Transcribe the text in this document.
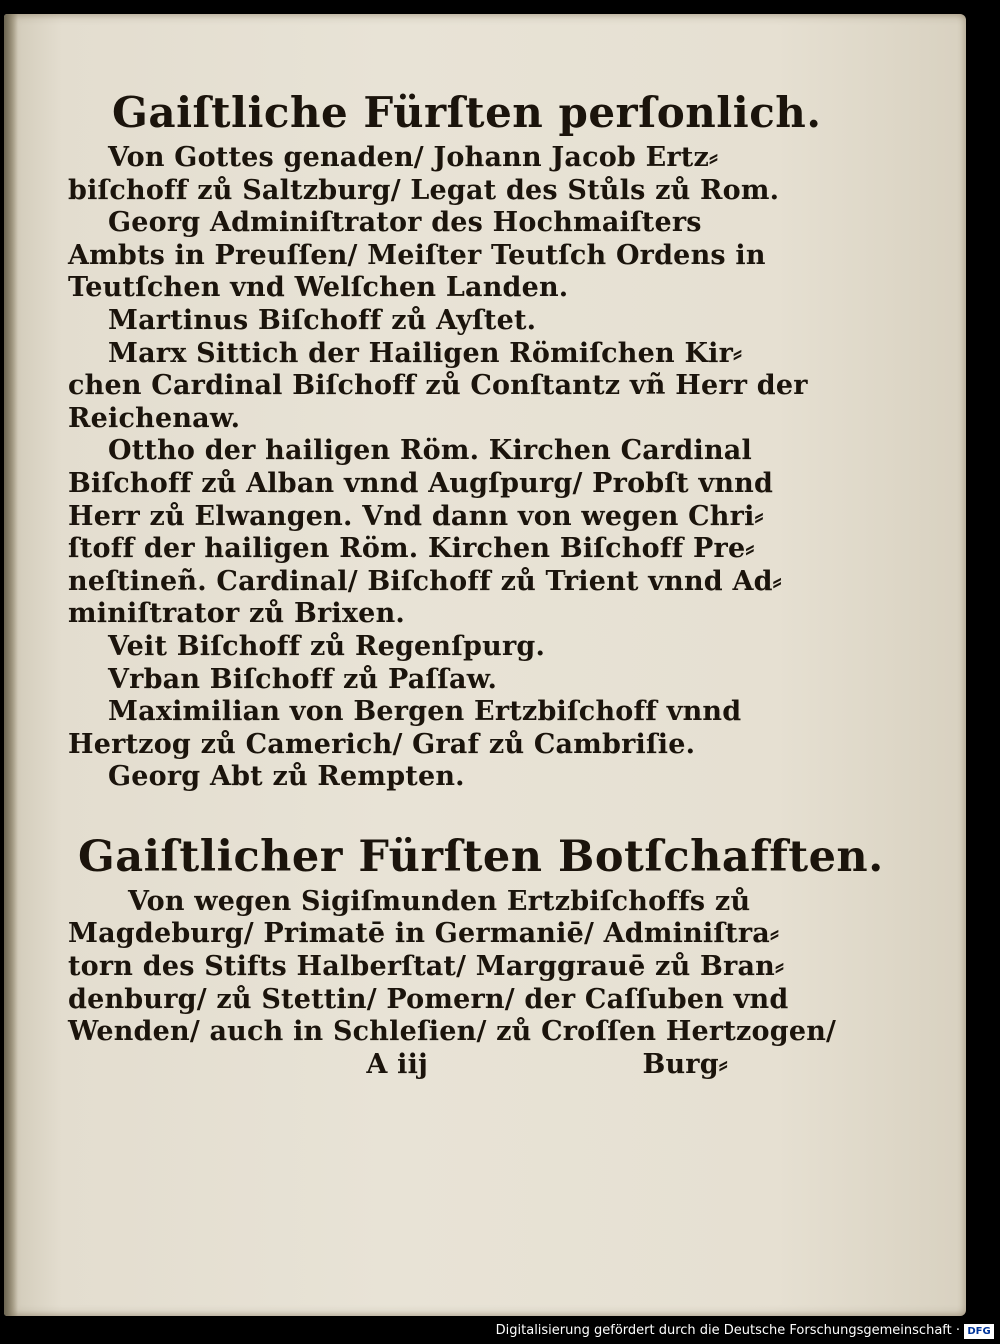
Gaiſtliche Fürſten perſonlich.
Von Gottes genaden/ Johann Jacob Ertz⸗
biſchoff zů Saltzburg/ Legat des Stůls zů Rom.
Georg Adminiſtrator des Hochmaiſters
Ambts in Preuſſen/ Meiſter Teutſch Ordens in
Teutſchen vnd Welſchen Landen.
Martinus Biſchoff zů Ayſtet.
Marx Sittich der Hailigen Römiſchen Kir⸗
chen Cardinal Biſchoff zů Conſtantz vñ Herr der
Reichenaw.
Ottho der hailigen Röm. Kirchen Cardinal
Biſchoff zů Alban vnnd Augſpurg/ Probſt vnnd
Herr zů Elwangen. Vnd dann von wegen Chri⸗
ſtoff der hailigen Röm. Kirchen Biſchoff Pre⸗
neſtineñ. Cardinal/ Biſchoff zů Trient vnnd Ad⸗
miniſtrator zů Brixen.
Veit Biſchoff zů Regenſpurg.
Vrban Biſchoff zů Paſſaw.
Maximilian von Bergen Ertzbiſchoff vnnd
Hertzog zů Camerich/ Graf zů Cambriſie.
Georg Abt zů Rempten.
Gaiſtlicher Fürſten Botſchafften.
Von wegen Sigiſmunden Ertzbiſchoffs zů
Magdeburg/ Primatē in Germaniē/ Adminiſtra⸗
torn des Stifts Halberſtat/ Marggrauē zů Bran⸗
denburg/ zů Stettin/ Pomern/ der Caſſuben vnd
Wenden/ auch in Schleſien/ zů Croſſen Hertzogen/
A iij	Burg⸗
Digitalisierung gefördert durch die Deutsche Forschungsgemeinschaft · DFG
